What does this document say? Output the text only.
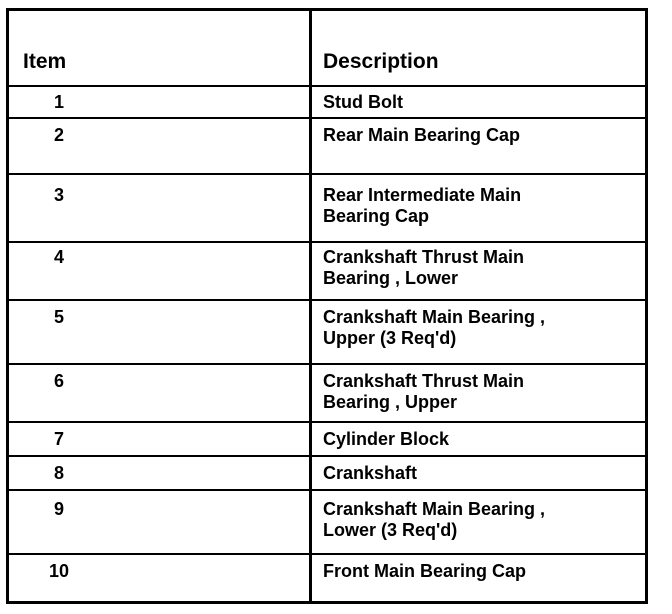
Item	Description
1	Stud Bolt
2	Rear Main Bearing Cap
3	Rear Intermediate Main
Bearing Cap
4	Crankshaft Thrust Main
Bearing , Lower
5	Crankshaft Main Bearing ,
Upper (3 Req'd)
6	Crankshaft Thrust Main
Bearing , Upper
7	Cylinder Block
8	Crankshaft
9	Crankshaft Main Bearing ,
Lower (3 Req'd)
10	Front Main Bearing Cap
